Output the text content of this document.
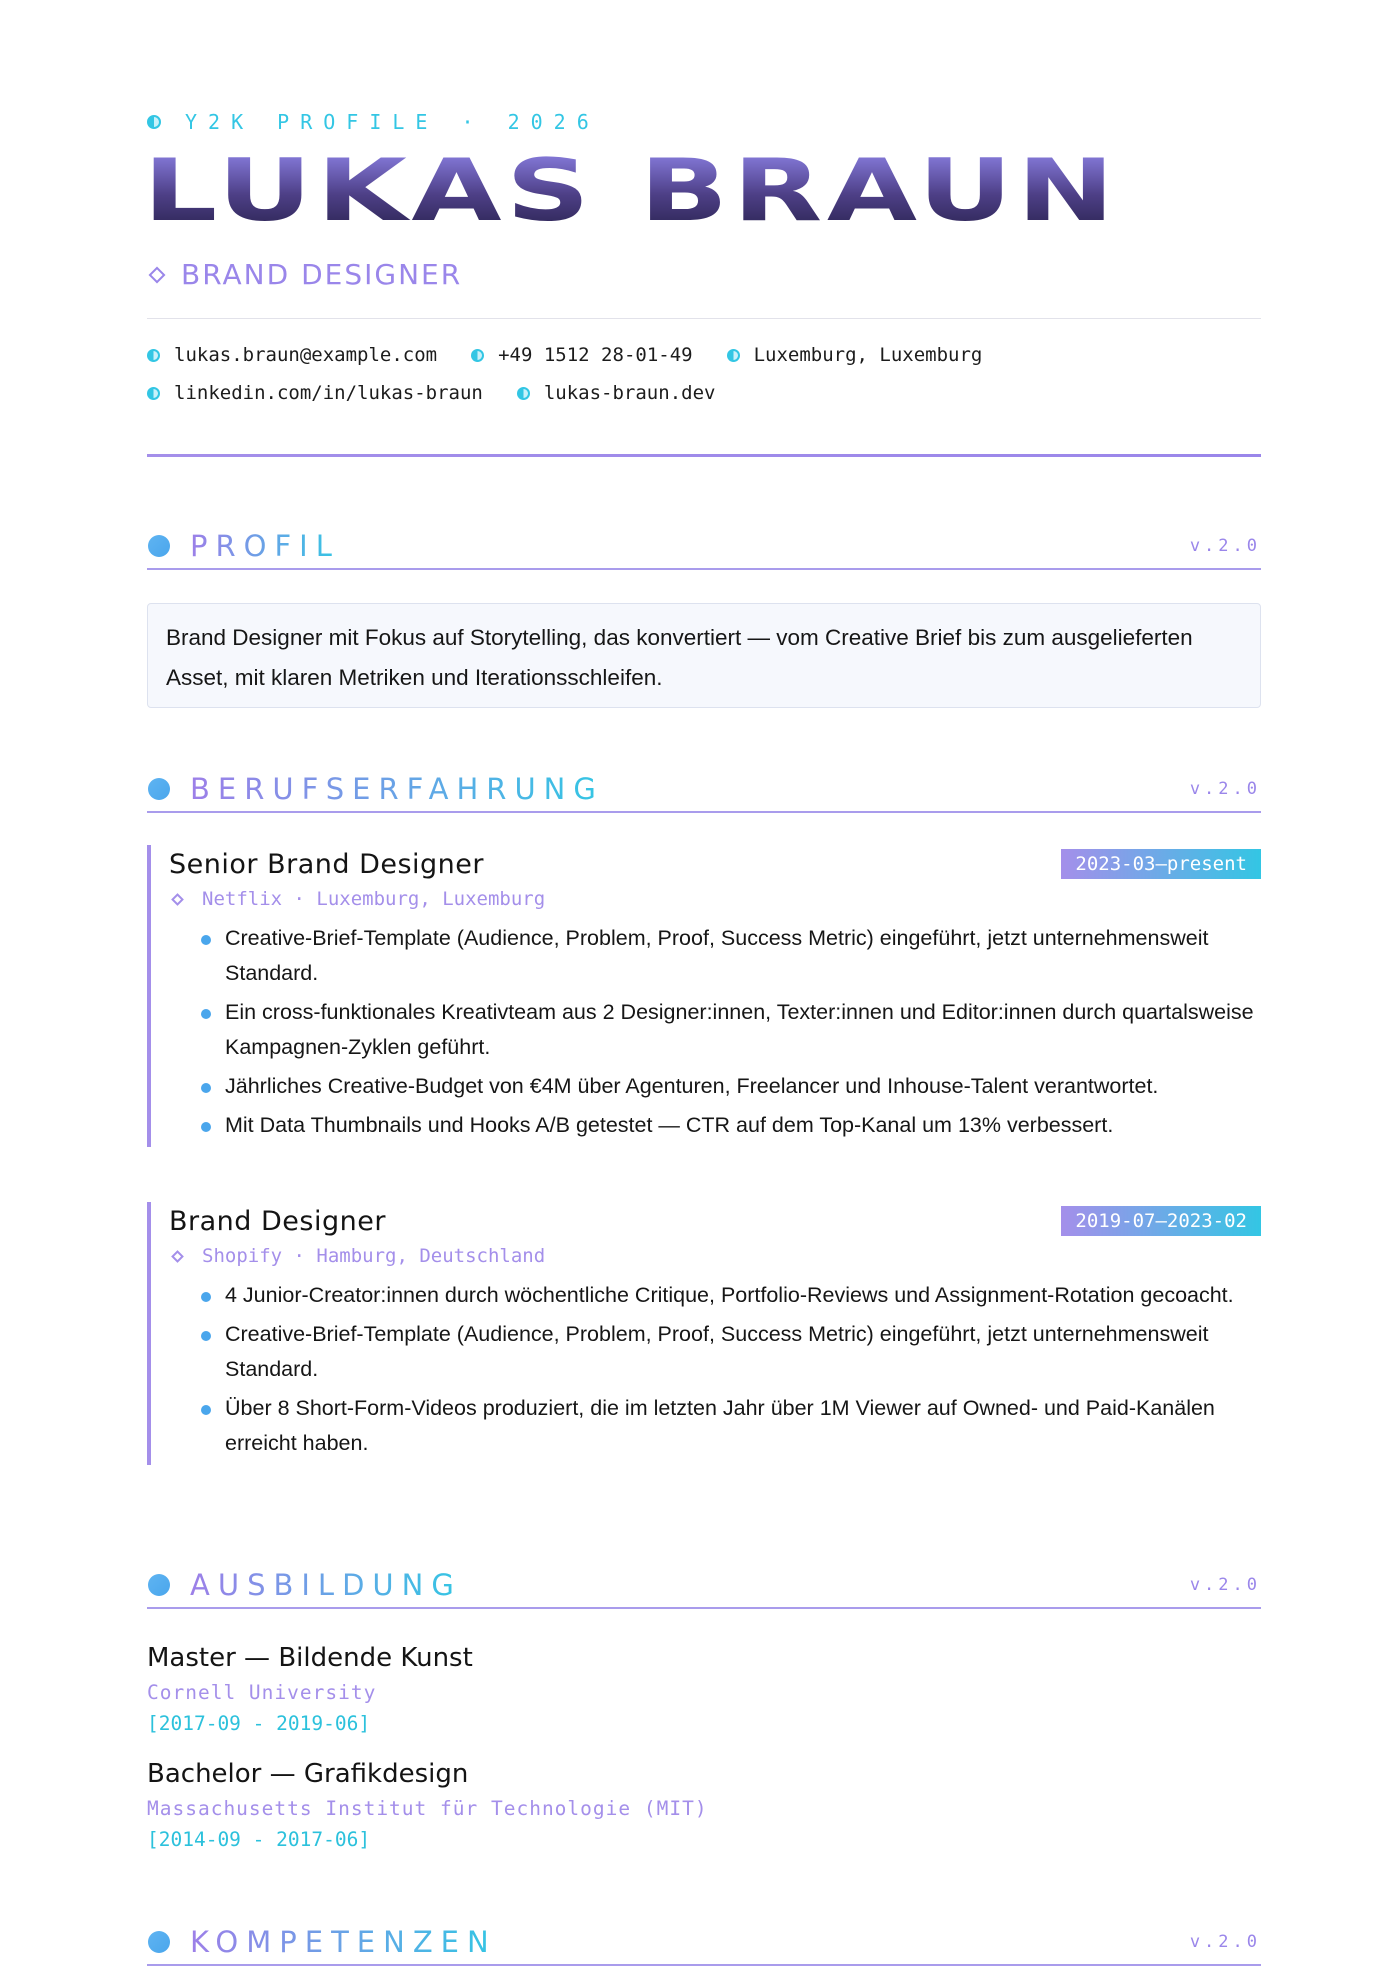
Y2K PROFILE · 2026
LUKAS BRAUN
BRAND DESIGNER
lukas.braun@example.com	+49 1512 28-01-49	Luxemburg, Luxemburg
linkedin.com/in/lukas-braun	lukas-braun.dev
PROFIL	v.2.0
Brand Designer mit Fokus auf Storytelling, das konvertiert — vom Creative Brief bis zum ausgelieferten Asset, mit klaren Metriken und Iterationsschleifen.
BERUFSERFAHRUNG	v.2.0
Senior Brand Designer	2023-03—present
Netflix · Luxemburg, Luxemburg
Creative-Brief-Template (Audience, Problem, Proof, Success Metric) eingeführt, jetzt unternehmensweit Standard.
Ein cross-funktionales Kreativteam aus 2 Designer:innen, Texter:innen und Editor:innen durch quartalsweise Kampagnen-Zyklen geführt.
Jährliches Creative-Budget von €4M über Agenturen, Freelancer und Inhouse-Talent verantwortet.
Mit Data Thumbnails und Hooks A/B getestet — CTR auf dem Top-Kanal um 13% verbessert.
Brand Designer	2019-07—2023-02
Shopify · Hamburg, Deutschland
4 Junior-Creator:innen durch wöchentliche Critique, Portfolio-Reviews und Assignment-Rotation gecoacht.
Creative-Brief-Template (Audience, Problem, Proof, Success Metric) eingeführt, jetzt unternehmensweit Standard.
Über 8 Short-Form-Videos produziert, die im letzten Jahr über 1M Viewer auf Owned- und Paid-Kanälen erreicht haben.
AUSBILDUNG	v.2.0
Master — Bildende Kunst
Cornell University
[2017-09 - 2019-06]
Bachelor — Grafikdesign
Massachusetts Institut für Technologie (MIT)
[2014-09 - 2017-06]
KOMPETENZEN	v.2.0
